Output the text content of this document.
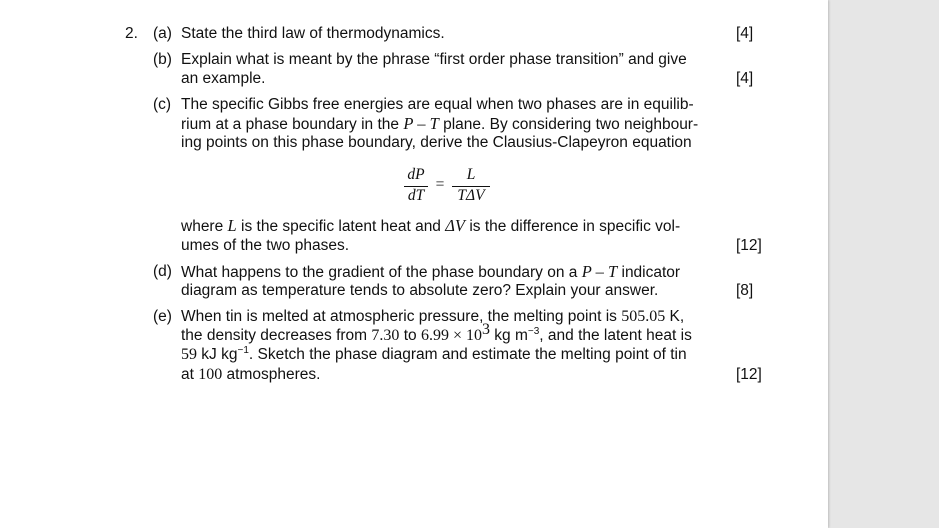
2. (a) State the third law of thermodynamics.	[4]
(b) Explain what is meant by the phrase “first order phase transition” and give
an example.	[4]
(c) The specific Gibbs free energies are equal when two phases are in equilib-
rium at a phase boundary in the P – T plane. By considering two neighbour-
ing points on this phase boundary, derive the Clausius-Clapeyron equation
dP
dT
=
L
TΔV
where L is the specific latent heat and ΔV is the difference in specific vol-
umes of the two phases.	[12]
(d) What happens to the gradient of the phase boundary on a P – T indicator
diagram as temperature tends to absolute zero? Explain your answer.	[8]
(e) When tin is melted at atmospheric pressure, the melting point is 505.05 K,
the density decreases from 7.30 to $6.99 \times 10^3$ kg $m^{-3}$, and the latent heat is
59 kJ $kg^{-1}$. Sketch the phase diagram and estimate the melting point of tin
at 100 atmospheres.	[12]
